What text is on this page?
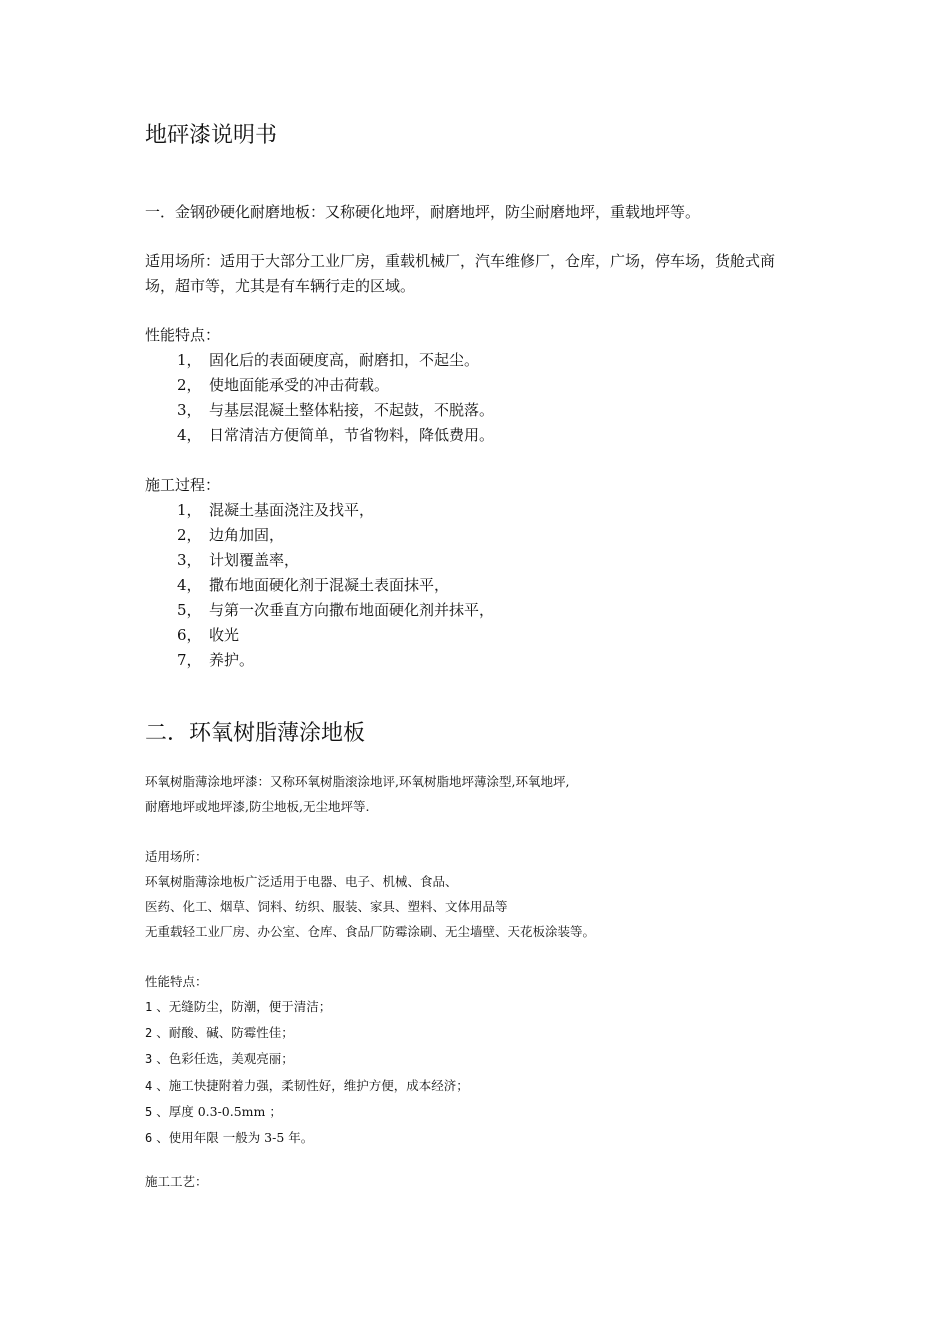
地砰漆说明书
一．金钢砂硬化耐磨地板：又称硬化地坪，耐磨地坪，防尘耐磨地坪，重载地坪等。
适用场所：适用于大部分工业厂房，重载机械厂，汽车维修厂，仓库，广场，停车场，货舱式商
场，超市等，尤其是有车辆行走的区域。
性能特点：
1， 固化后的表面硬度高，耐磨扣，不起尘。
2， 使地面能承受的冲击荷载。
3， 与基层混凝土整体粘接，不起鼓，不脱落。
4， 日常清洁方便简单，节省物料，降低费用。
施工过程：
1， 混凝土基面浇注及找平，
2， 边角加固，
3， 计划覆盖率，
4， 撒布地面硬化剂于混凝土表面抹平，
5， 与第一次垂直方向撒布地面硬化剂并抹平，
6， 收光
7， 养护。
二．环氧树脂薄涂地板
环氧树脂薄涂地坪漆：又称环氧树脂滚涂地评,环氧树脂地坪薄涂型,环氧地坪,
耐磨地坪或地坪漆,防尘地板,无尘地坪等.
适用场所：
环氧树脂薄涂地板广泛适用于电器、电子、机械、食品、
医药、化工、烟草、饲料、纺织、服装、家具、塑料、文体用品等
无重载轻工业厂房、办公室、仓库、食品厂防霉涂刷、无尘墙壁、天花板涂装等。
性能特点：
1 、无缝防尘，防潮，便于清洁；
2 、耐酸、碱、防霉性佳；
3 、色彩任选，美观亮丽；
4 、施工快捷附着力强，柔韧性好，维护方便，成本经济；
5 、厚度 0.3-0.5mm ；
6 、使用年限 一般为 3-5 年。
施工工艺：
